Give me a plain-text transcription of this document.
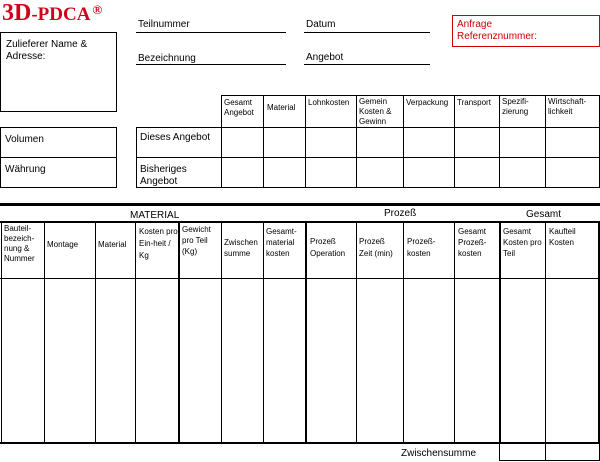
3D-PDCA ®
Zulieferer Name &
Adresse:
Teilnummer
Bezeichnung
Datum
Angebot
Anfrage
Referenznummer:
Volumen
Währung
Dieses Angebot
Bisheriges Angebot
Gesamt Angebot
Material
Lohnkosten Gemein Kosten & Gewinn
Verpackung Transport Spezifi-zierung
Wirtschaft-lichkeit
MATERIAL	Prozeß	Gesamt
Bauteil-bezeich-nung & Nummer
Montage Material
Kosten pro Ein-heit / Kg
Gewicht pro Teil (Kg)
Zwischen summe
Gesamt-material kosten
Prozeß Operation
Prozeß Zeit (min)
Prozeß-kosten
Gesamt Prozeß-kosten
Gesamt Kosten pro Teil
Kaufteil Kosten
Zwischensumme
